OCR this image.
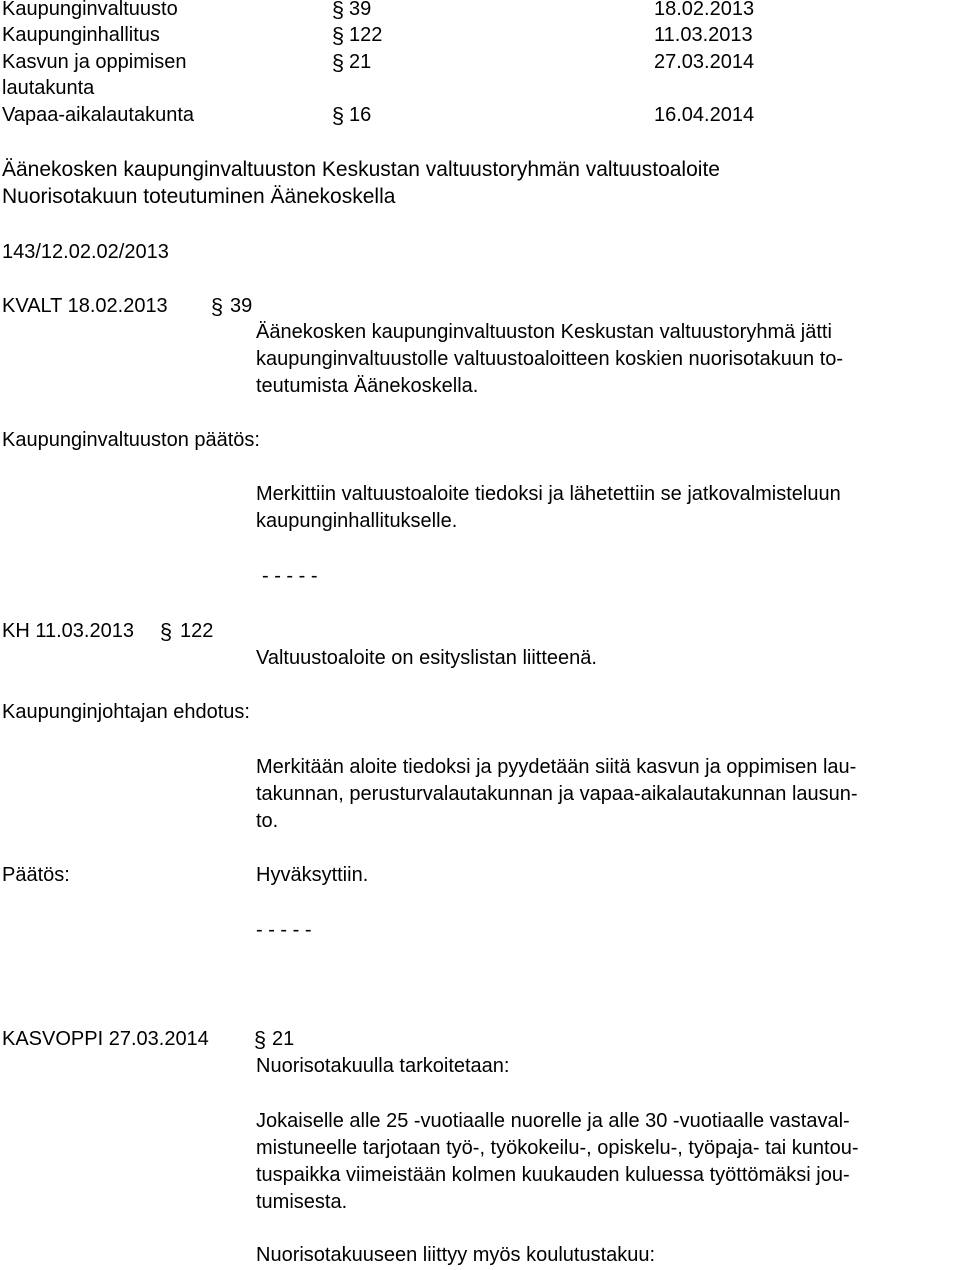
Kaupunginvaltuusto	§ 39	18.02.2013
Kaupunginhallitus	§ 122	11.03.2013
Kasvun ja oppimisen	§ 21	27.03.2014
lautakunta
Vapaa-aikalautakunta	§ 16	16.04.2014
Äänekosken kaupunginvaltuuston Keskustan valtuustoryhmän valtuustoaloite
Nuorisotakuun toteutuminen Äänekoskella
143/12.02.02/2013
KVALT 18.02.2013 § 39
Äänekosken kaupunginvaltuuston Keskustan valtuustoryhmä jätti
kaupunginvaltuustolle valtuustoaloitteen koskien nuorisotakuun to-
teutumista Äänekoskella.
Kaupunginvaltuuston päätös:
Merkittiin valtuustoaloite tiedoksi ja lähetettiin se jatkovalmisteluun
kaupunginhallitukselle.
- - - - -
KH 11.03.2013 § 122
Valtuustoaloite on esityslistan liitteenä.
Kaupunginjohtajan ehdotus:
Merkitään aloite tiedoksi ja pyydetään siitä kasvun ja oppimisen lau-
takunnan, perusturvalautakunnan ja vapaa-aikalautakunnan lausun-
to.
Päätös:	Hyväksyttiin.
- - - - -
KASVOPPI 27.03.2014 § 21
Nuorisotakuulla tarkoitetaan:
Jokaiselle alle 25 -vuotiaalle nuorelle ja alle 30 -vuotiaalle vastaval-
mistuneelle tarjotaan työ-, työkokeilu-, opiskelu-, työpaja- tai kuntou-
tuspaikka viimeistään kolmen kuukauden kuluessa työttömäksi jou-
tumisesta.
Nuorisotakuuseen liittyy myös koulutustakuu:
